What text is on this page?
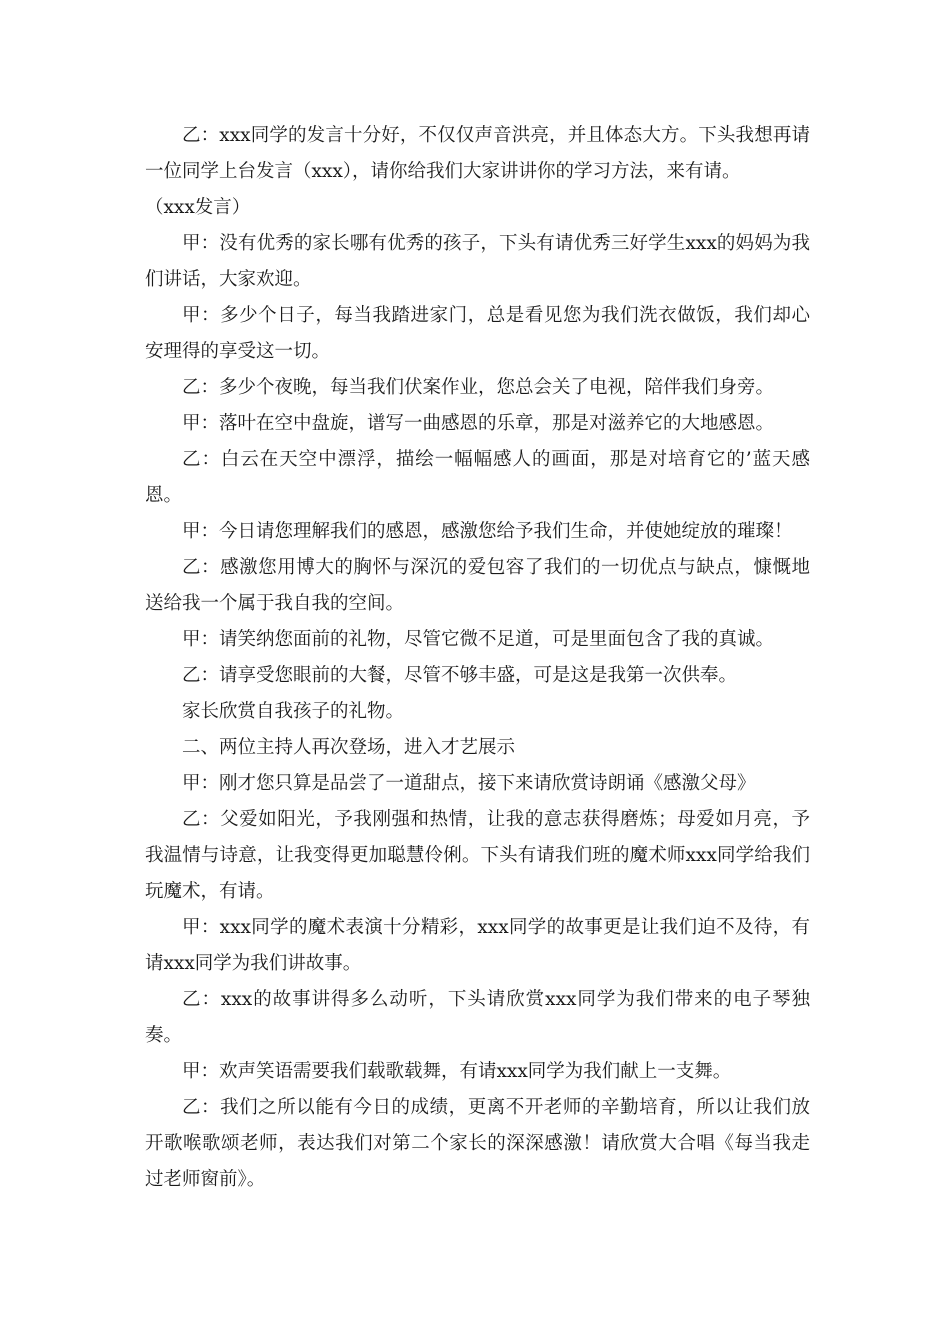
乙：xxx同学的发言十分好，不仅仅声音洪亮，并且体态大方。下头我想再请一位同学上台发言（xxx），请你给我们大家讲讲你的学习方法，来有请。

（xxx发言）

甲：没有优秀的家长哪有优秀的孩子，下头有请优秀三好学生xxx的妈妈为我们讲话，大家欢迎。

甲：多少个日子，每当我踏进家门，总是看见您为我们洗衣做饭，我们却心安理得的享受这一切。

乙：多少个夜晚，每当我们伏案作业，您总会关了电视，陪伴我们身旁。

甲：落叶在空中盘旋，谱写一曲感恩的乐章，那是对滋养它的大地感恩。

乙：白云在天空中漂浮，描绘一幅幅感人的画面，那是对培育它的’蓝天感恩。

甲：今日请您理解我们的感恩，感激您给予我们生命，并使她绽放的璀璨！

乙：感激您用博大的胸怀与深沉的爱包容了我们的一切优点与缺点，慷慨地送给我一个属于我自我的空间。

甲：请笑纳您面前的礼物，尽管它微不足道，可是里面包含了我的真诚。

乙：请享受您眼前的大餐，尽管不够丰盛，可是这是我第一次供奉。

家长欣赏自我孩子的礼物。

二、两位主持人再次登场，进入才艺展示

甲：刚才您只算是品尝了一道甜点，接下来请欣赏诗朗诵《感激父母》

乙：父爱如阳光，予我刚强和热情，让我的意志获得磨炼；母爱如月亮，予我温情与诗意，让我变得更加聪慧伶俐。下头有请我们班的魔术师xxx同学给我们玩魔术，有请。

甲：xxx同学的魔术表演十分精彩，xxx同学的故事更是让我们迫不及待，有请xxx同学为我们讲故事。

乙：xxx的故事讲得多么动听，下头请欣赏xxx同学为我们带来的电子琴独奏。

甲：欢声笑语需要我们载歌载舞，有请xxx同学为我们献上一支舞。

乙：我们之所以能有今日的成绩，更离不开老师的辛勤培育，所以让我们放开歌喉歌颂老师，表达我们对第二个家长的深深感激！请欣赏大合唱《每当我走过老师窗前》。
